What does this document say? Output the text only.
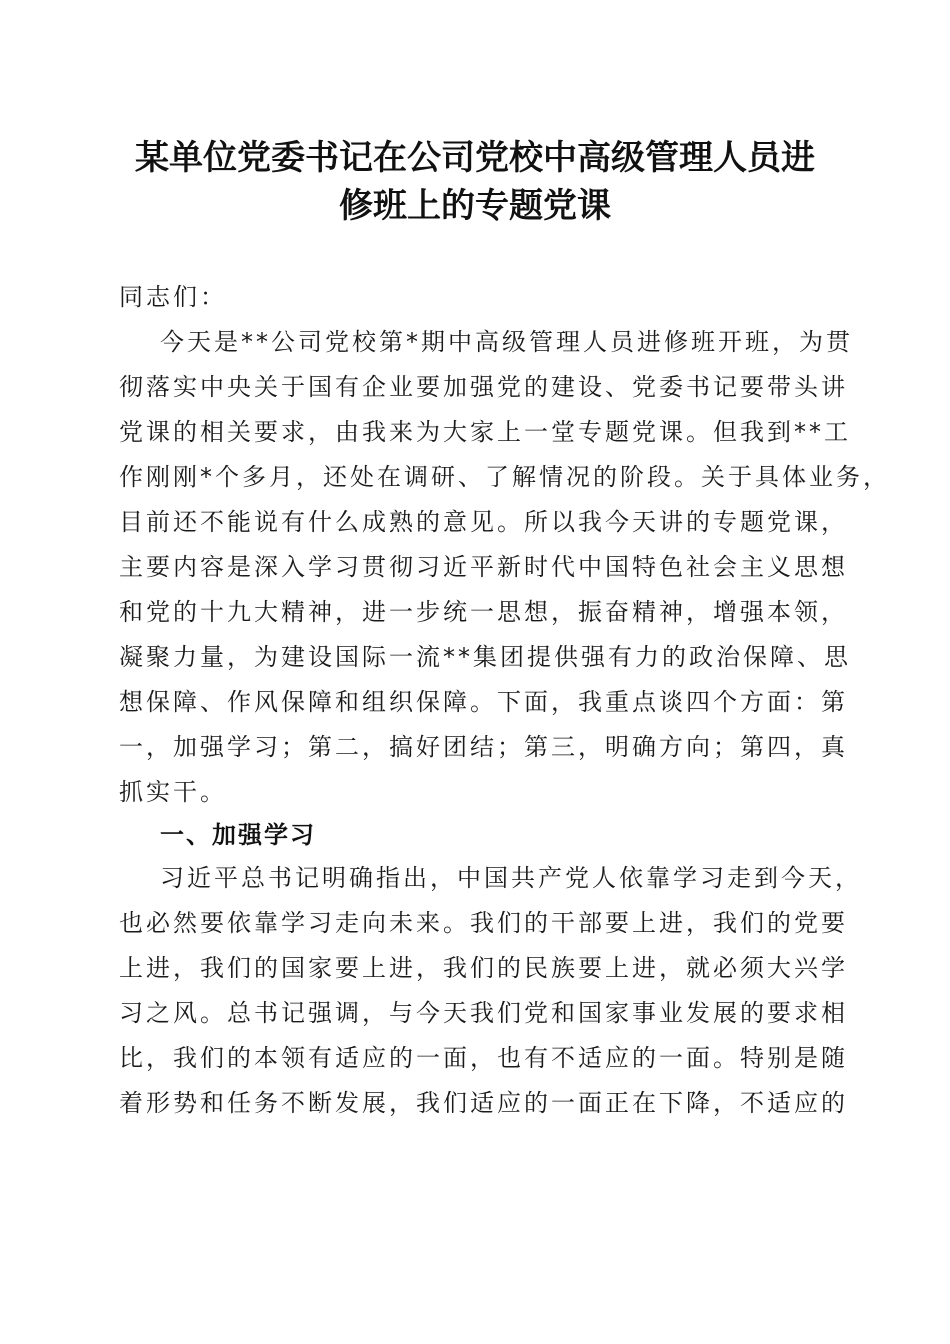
某单位党委书记在公司党校中高级管理人员进
修班上的专题党课
同志们：
今天是**公司党校第*期中高级管理人员进修班开班，为贯
彻落实中央关于国有企业要加强党的建设、党委书记要带头讲
党课的相关要求，由我来为大家上一堂专题党课。但我到**工
作刚刚*个多月，还处在调研、了解情况的阶段。关于具体业务，
目前还不能说有什么成熟的意见。所以我今天讲的专题党课，
主要内容是深入学习贯彻习近平新时代中国特色社会主义思想
和党的十九大精神，进一步统一思想，振奋精神，增强本领，
凝聚力量，为建设国际一流**集团提供强有力的政治保障、思
想保障、作风保障和组织保障。下面，我重点谈四个方面：第
一，加强学习；第二，搞好团结；第三，明确方向；第四，真
抓实干。
一、加强学习
习近平总书记明确指出，中国共产党人依靠学习走到今天，
也必然要依靠学习走向未来。我们的干部要上进，我们的党要
上进，我们的国家要上进，我们的民族要上进，就必须大兴学
习之风。总书记强调，与今天我们党和国家事业发展的要求相
比，我们的本领有适应的一面，也有不适应的一面。特别是随
着形势和任务不断发展，我们适应的一面正在下降，不适应的
